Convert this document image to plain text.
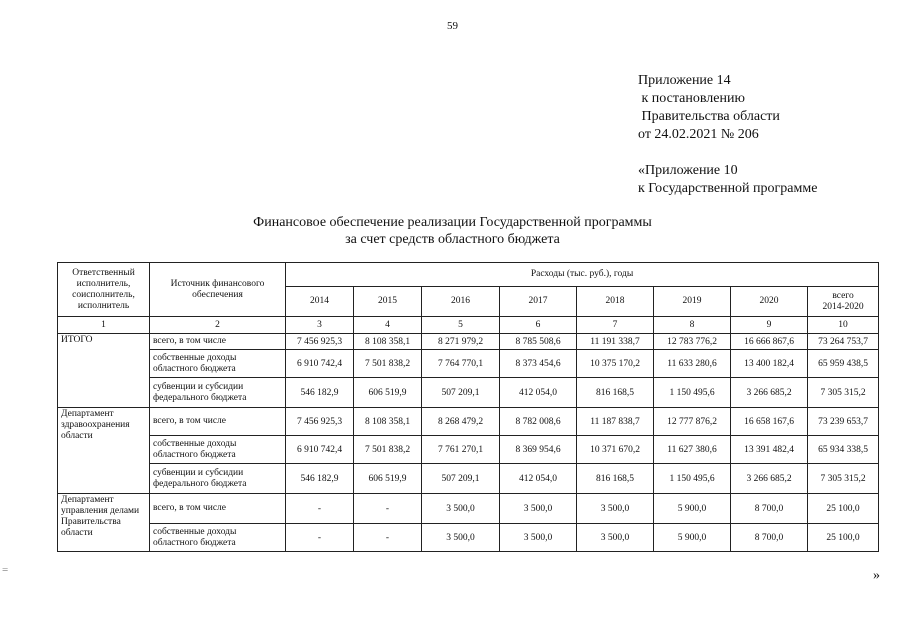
59
Приложение 14
к постановлению
Правительства области
от 24.02.2021 № 206
«Приложение 10
к Государственной программе
Финансовое обеспечение реализации Государственной программы
за счет средств областного бюджета
Ответственный исполнитель, соисполнитель, исполнитель	Источник финансового обеспечения	Расходы (тыс. руб.), годы							
		2014	2015	2016	2017	2018	2019	2020	всего
2014-2020

1	2	3	4	5	6	7	8	9	10
ИТОГО	всего, в том числе	7 456 925,3	8 108 358,1	8 271 979,2	8 785 508,6	11 191 338,7	12 783 776,2	16 666 867,6	73 264 753,7
	собственные доходы областного бюджета	6 910 742,4	7 501 838,2	7 764 770,1	8 373 454,6	10 375 170,2	11 633 280,6	13 400 182,4	65 959 438,5
	субвенции и субсидии федерального бюджета	546 182,9	606 519,9	507 209,1	412 054,0	816 168,5	1 150 495,6	3 266 685,2	7 305 315,2
Департамент здравоохранения области	всего, в том числе	7 456 925,3	8 108 358,1	8 268 479,2	8 782 008,6	11 187 838,7	12 777 876,2	16 658 167,6	73 239 653,7
	собственные доходы областного бюджета	6 910 742,4	7 501 838,2	7 761 270,1	8 369 954,6	10 371 670,2	11 627 380,6	13 391 482,4	65 934 338,5
	субвенции и субсидии федерального бюджета	546 182,9	606 519,9	507 209,1	412 054,0	816 168,5	1 150 495,6	3 266 685,2	7 305 315,2
Департамент управления делами Правительства области	всего, в том числе	-	-	3 500,0	3 500,0	3 500,0	5 900,0	8 700,0	25 100,0
	собственные доходы областного бюджета	-	-	3 500,0	3 500,0	3 500,0	5 900,0	8 700,0	25 100,0
»
=
